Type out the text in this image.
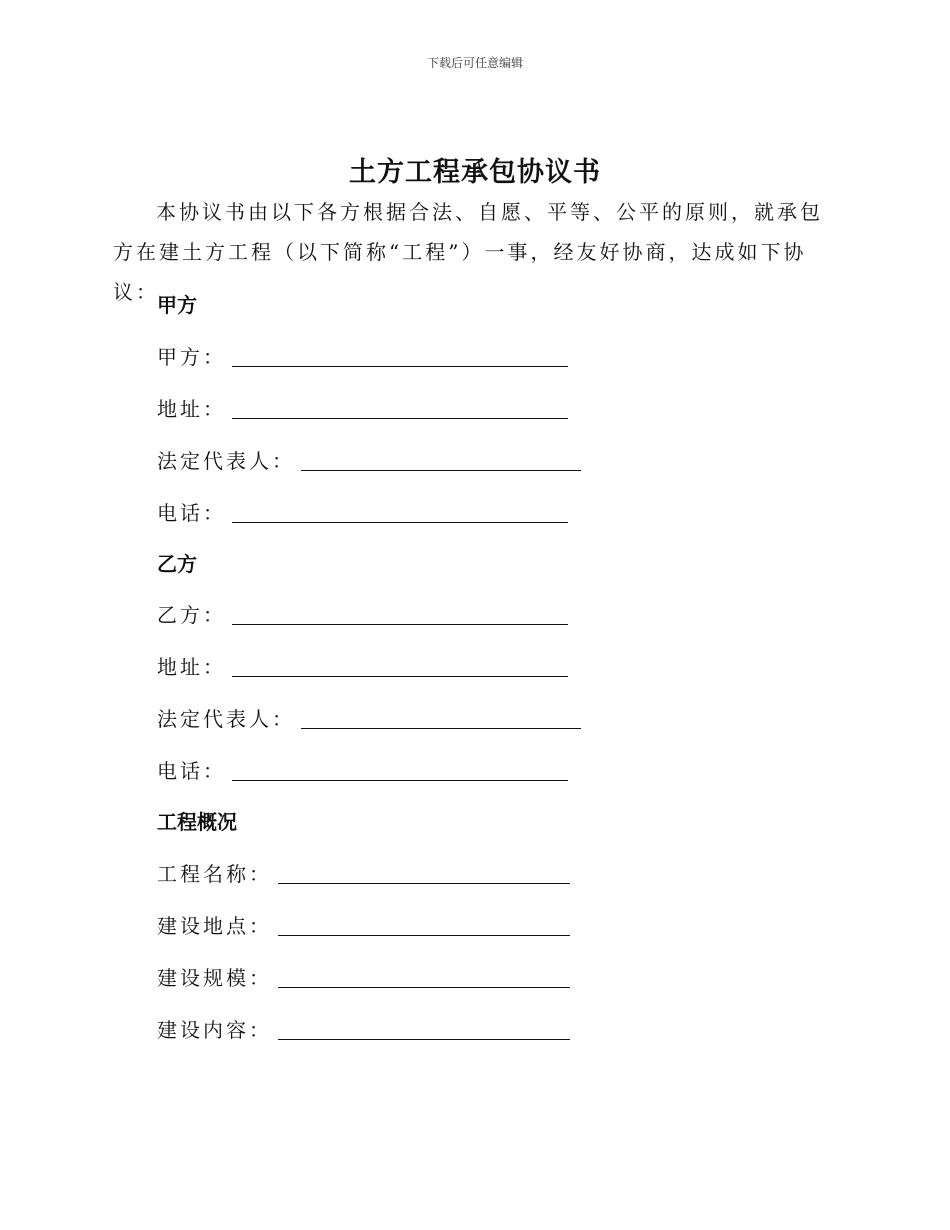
下载后可任意编辑
土方工程承包协议书

本协议书由以下各方根据合法、自愿、平等、公平的原则，就承包方在建土方工程（以下简称“工程”）一事，经友好协商，达成如下协议：

甲方
甲方：
地址：
法定代表人：
电话：
乙方
乙方：
地址：
法定代表人：
电话：
工程概况
工程名称：
建设地点：
建设规模：
建设内容：
